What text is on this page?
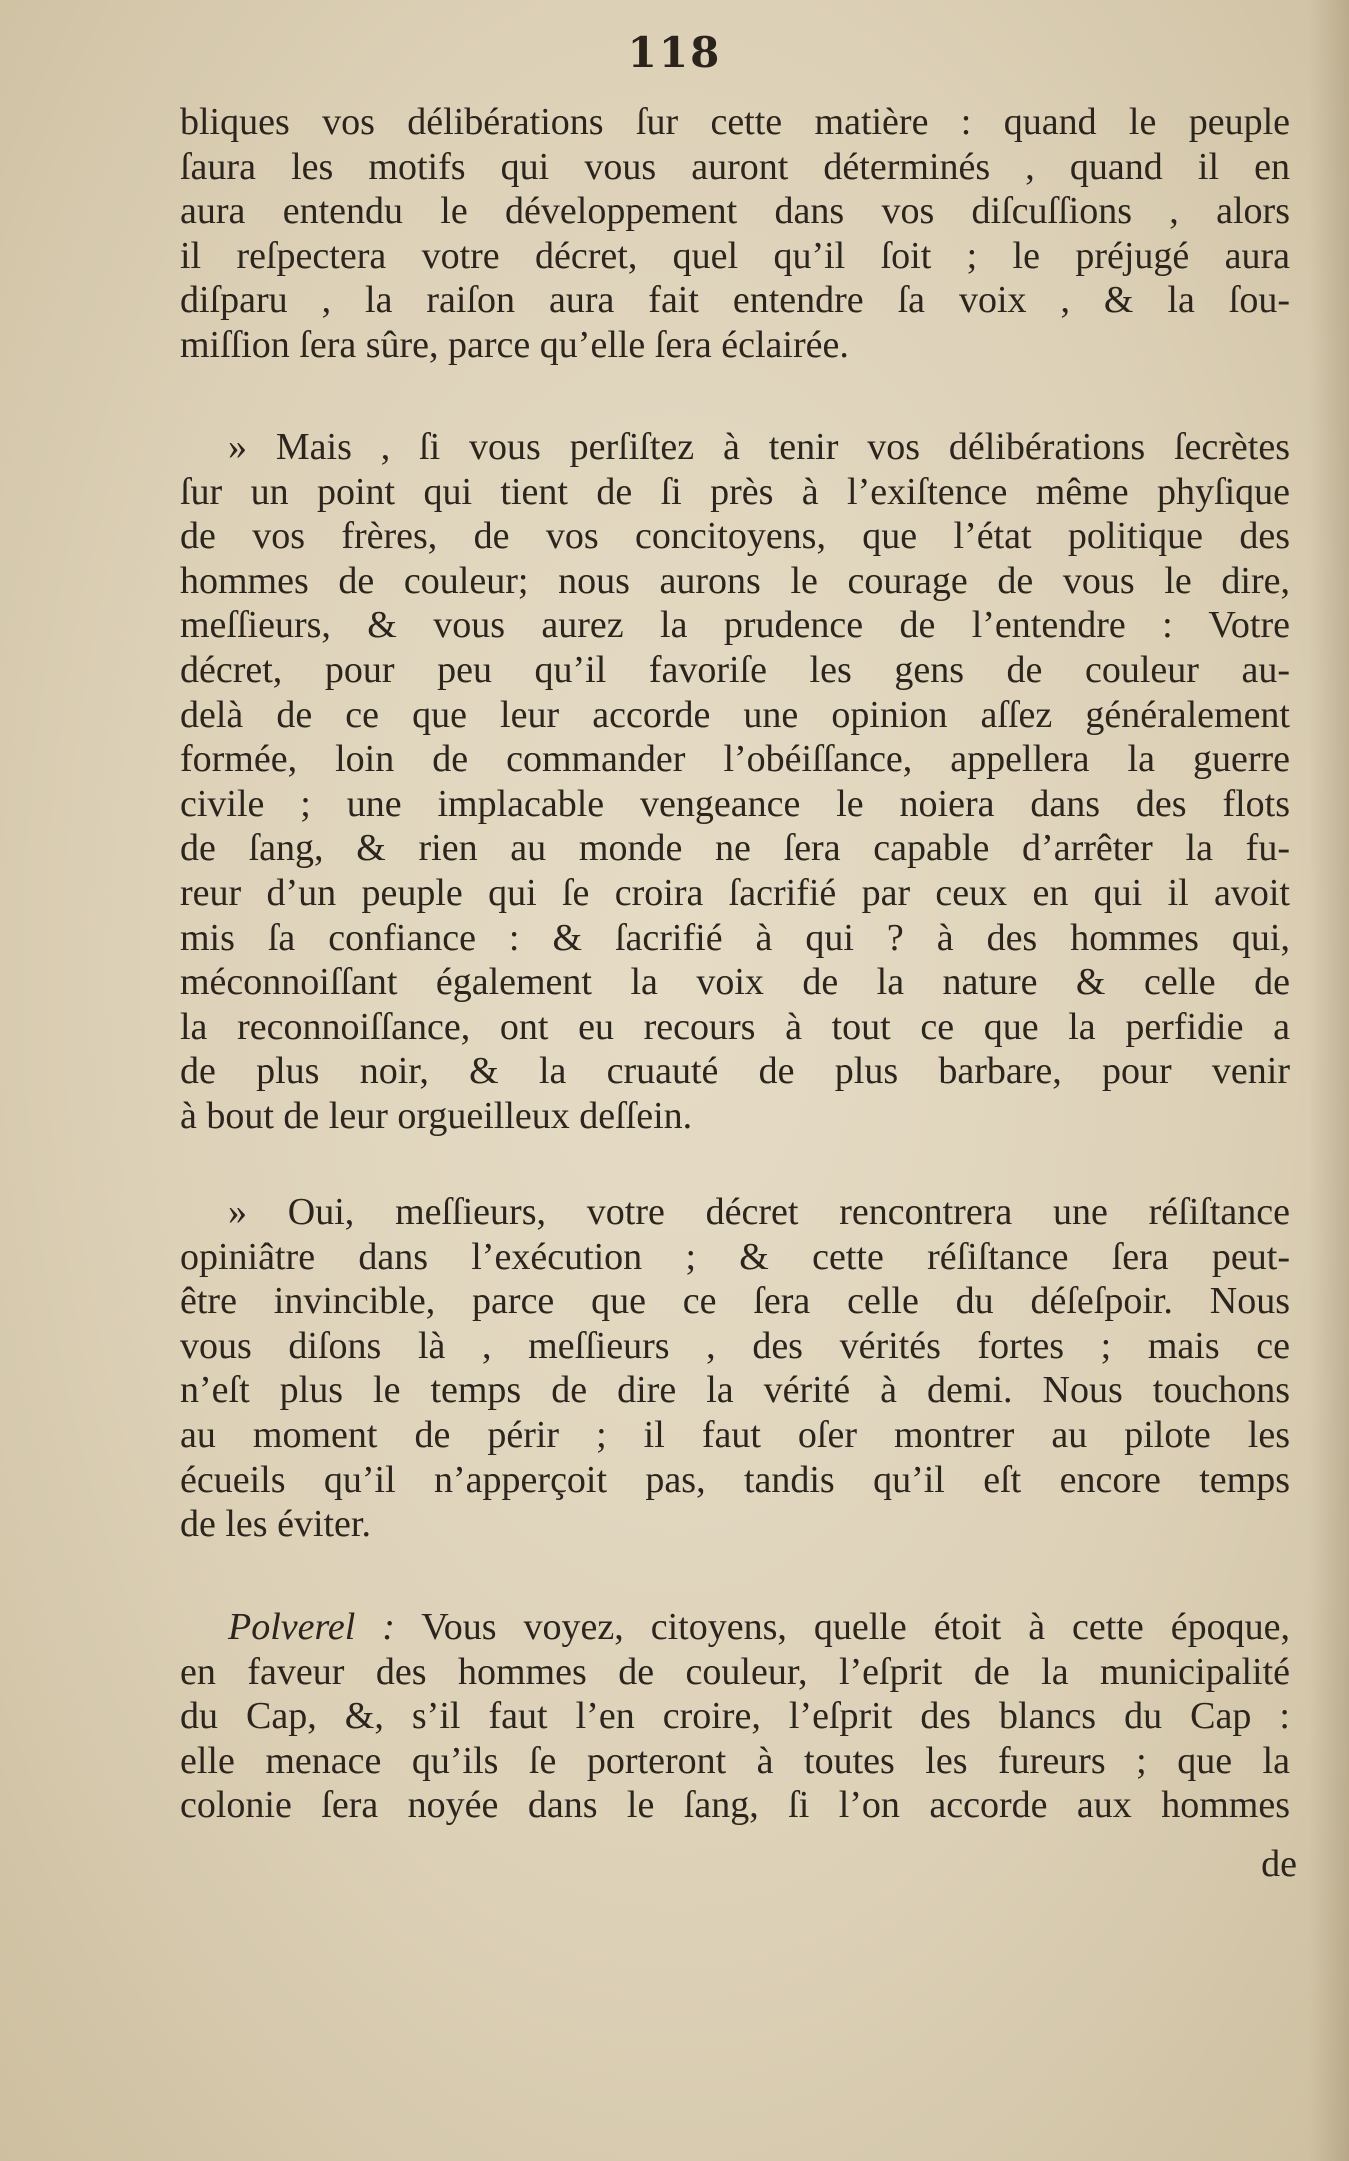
118
bliques vos délibérations ſur cette matière : quand le peuple
ſaura les motifs qui vous auront déterminés , quand il en
aura entendu le développement dans vos diſcuſſions , alors
il reſpectera votre décret, quel qu’il ſoit ; le préjugé aura
diſparu , la raiſon aura fait entendre ſa voix , & la ſou-
miſſion ſera sûre, parce qu’elle ſera éclairée.
» Mais , ſi vous perſiſtez à tenir vos délibérations ſecrètes
ſur un point qui tient de ſi près à l’exiſtence même phyſique
de vos frères, de vos concitoyens, que l’état politique des
hommes de couleur; nous aurons le courage de vous le dire,
meſſieurs, & vous aurez la prudence de l’entendre : Votre
décret, pour peu qu’il favoriſe les gens de couleur au-
delà de ce que leur accorde une opinion aſſez généralement
formée, loin de commander l’obéiſſance, appellera la guerre
civile ; une implacable vengeance le noiera dans des flots
de ſang, & rien au monde ne ſera capable d’arrêter la fu-
reur d’un peuple qui ſe croira ſacrifié par ceux en qui il avoit
mis ſa confiance : & ſacrifié à qui ? à des hommes qui,
méconnoiſſant également la voix de la nature & celle de
la reconnoiſſance, ont eu recours à tout ce que la perfidie a
de plus noir, & la cruauté de plus barbare, pour venir
à bout de leur orgueilleux deſſein.
» Oui, meſſieurs, votre décret rencontrera une réſiſtance
opiniâtre dans l’exécution ; & cette réſiſtance ſera peut-
être invincible, parce que ce ſera celle du déſeſpoir. Nous
vous diſons là , meſſieurs , des vérités fortes ; mais ce
n’eſt plus le temps de dire la vérité à demi. Nous touchons
au moment de périr ; il faut oſer montrer au pilote les
écueils qu’il n’apperçoit pas, tandis qu’il eſt encore temps
de les éviter.
Polverel : Vous voyez, citoyens, quelle étoit à cette époque,
en faveur des hommes de couleur, l’eſprit de la municipalité
du Cap, &, s’il faut l’en croire, l’eſprit des blancs du Cap :
elle menace qu’ils ſe porteront à toutes les fureurs ; que la
colonie ſera noyée dans le ſang, ſi l’on accorde aux hommes
de
